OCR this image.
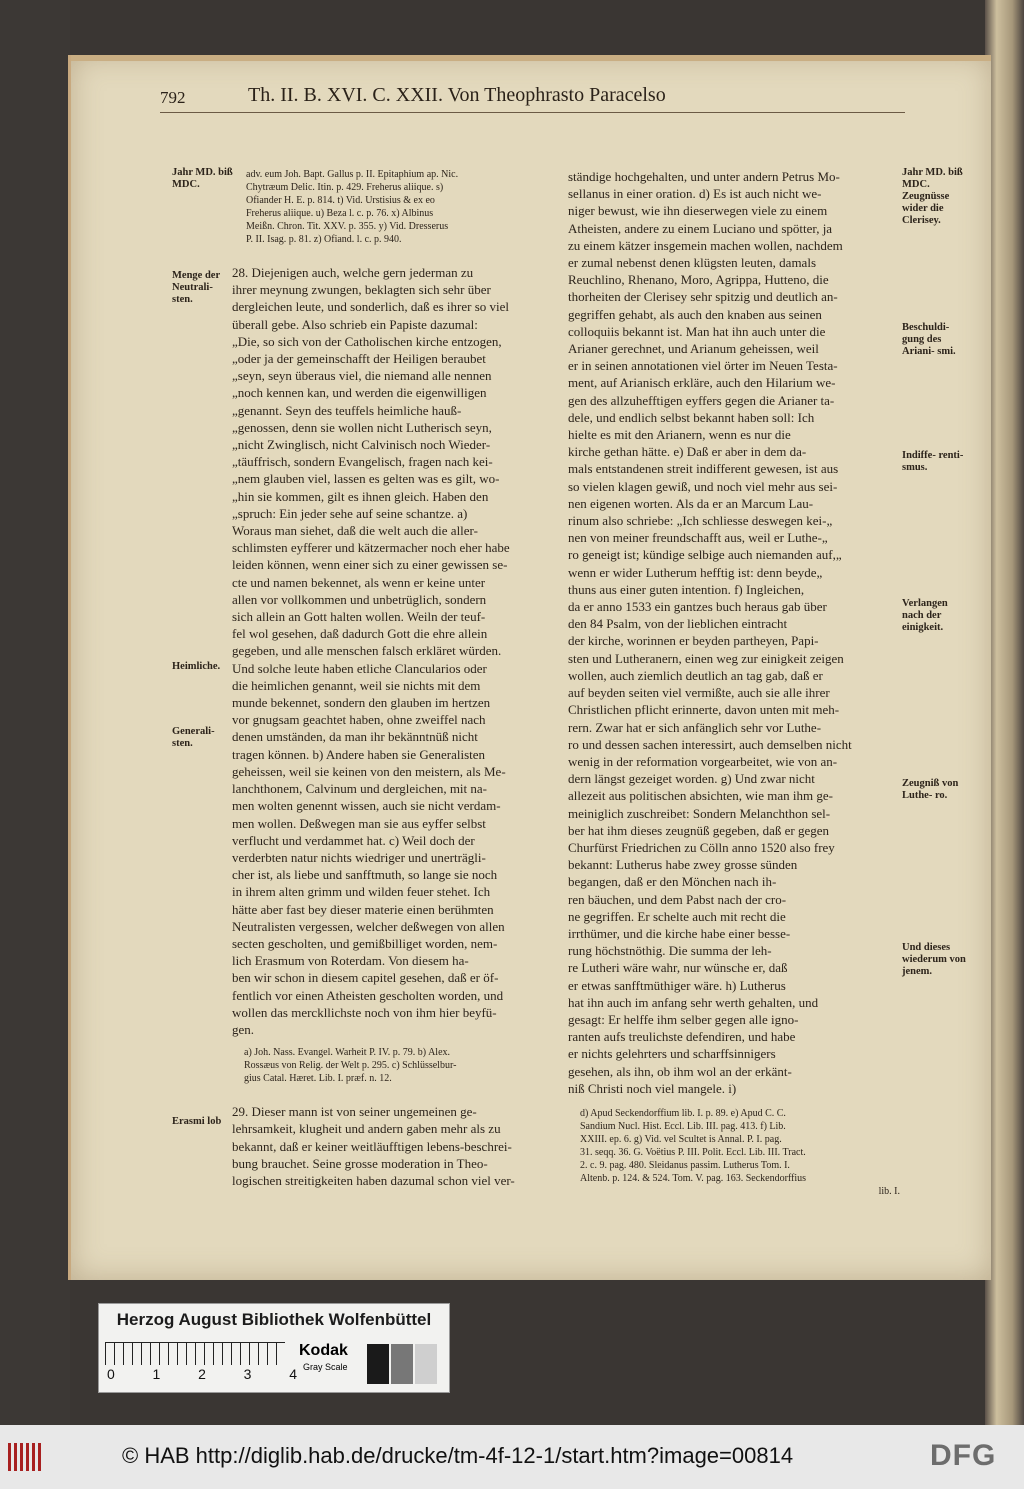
792	Th. II. B. XVI. C. XXII. Von Theophrasto Paracelso
Jahr MD. biß MDC.
Menge der Neutrali- sten.
Heimliche.
Generali- sten.
Erasmi lob
Jahr MD. biß MDC. Zeugnüsse wider die Clerisey.
Beschuldi- gung des Ariani- smi.
Indiffe- renti- smus.
Verlangen nach der einigkeit.
Zeugniß von Luthe- ro.
Und dieses wiederum von jenem.
adv. eum Joh. Bapt. Gallus p. II. Epitaphium ap. Nic.
Chytræum Delic. Itin. p. 429. Freherus aliique. s)
Ofiander H. E. p. 814. t) Vid. Urstisius & ex eo
Freherus aliique. u) Beza l. c. p. 76. x) Albinus
Meißn. Chron. Tit. XXV. p. 355. y) Vid. Dresserus
P. II. Isag. p. 81. z) Ofiand. l. c. p. 940.
28. Diejenigen auch, welche gern jederman zu
ihrer meynung zwungen, beklagten sich sehr über
dergleichen leute, und sonderlich, daß es ihrer so viel
überall gebe. Also schrieb ein Papiste dazumal:
„Die, so sich von der Catholischen kirche entzogen,
„oder ja der gemeinschafft der Heiligen beraubet
„seyn, seyn überaus viel, die niemand alle nennen
„noch kennen kan, und werden die eigenwilligen
„genannt. Seyn des teuffels heimliche hauß-
„genossen, denn sie wollen nicht Lutherisch seyn,
„nicht Zwinglisch, nicht Calvinisch noch Wieder-
„täuffrisch, sondern Evangelisch, fragen nach kei-
„nem glauben viel, lassen es gelten was es gilt, wo-
„hin sie kommen, gilt es ihnen gleich. Haben den
„spruch: Ein jeder sehe auf seine schantze. a)
Woraus man siehet, daß die welt auch die aller-
schlimsten eyfferer und kätzermacher noch eher habe
leiden können, wenn einer sich zu einer gewissen se-
cte und namen bekennet, als wenn er keine unter
allen vor vollkommen und unbetrüglich, sondern
sich allein an Gott halten wollen. Weiln der teuf-
fel wol gesehen, daß dadurch Gott die ehre allein
gegeben, und alle menschen falsch erkläret würden.
Und solche leute haben etliche Clancularios oder
die heimlichen genannt, weil sie nichts mit dem
munde bekennet, sondern den glauben im hertzen
vor gnugsam geachtet haben, ohne zweiffel nach
denen umständen, da man ihr bekänntnüß nicht
tragen können. b) Andere haben sie Generalisten
geheissen, weil sie keinen von den meistern, als Me-
lanchthonem, Calvinum und dergleichen, mit na-
men wolten genennt wissen, auch sie nicht verdam-
men wollen. Deßwegen man sie aus eyffer selbst
verflucht und verdammet hat. c) Weil doch der
verderbten natur nichts wiedriger und unerträgli-
cher ist, als liebe und sanfftmuth, so lange sie noch
in ihrem alten grimm und wilden feuer stehet. Ich
hätte aber fast bey dieser materie einen berühmten
Neutralisten vergessen, welcher deßwegen von allen
secten gescholten, und gemißbilliget worden, nem-
lich Erasmum von Roterdam. Von diesem ha-
ben wir schon in diesem capitel gesehen, daß er öf-
fentlich vor einen Atheisten gescholten worden, und
wollen das merckllichste noch von ihm hier beyfü-
gen.
a) Joh. Nass. Evangel. Warheit P. IV. p. 79. b) Alex.
Rossæus von Relig. der Welt p. 295. c) Schlüsselbur-
gius Catal. Hæret. Lib. I. præf. n. 12.
29. Dieser mann ist von seiner ungemeinen ge-
lehrsamkeit, klugheit und andern gaben mehr als zu
bekannt, daß er keiner weitläufftigen lebens-beschrei-
bung brauchet. Seine grosse moderation in Theo-
logischen streitigkeiten haben dazumal schon viel ver-
ständige hochgehalten, und unter andern Petrus Mo-
sellanus in einer oration. d) Es ist auch nicht we-
niger bewust, wie ihn dieserwegen viele zu einem
Atheisten, andere zu einem Luciano und spötter, ja
zu einem kätzer insgemein machen wollen, nachdem
er zumal nebenst denen klügsten leuten, damals
Reuchlino, Rhenano, Moro, Agrippa, Hutteno, die
thorheiten der Clerisey sehr spitzig und deutlich an-
gegriffen gehabt, als auch den knaben aus seinen
colloquiis bekannt ist. Man hat ihn auch unter die
Arianer gerechnet, und Arianum geheissen, weil
er in seinen annotationen viel örter im Neuen Testa-
ment, auf Arianisch erkläre, auch den Hilarium we-
gen des allzuhefftigen eyffers gegen die Arianer ta-
dele, und endlich selbst bekannt haben soll: Ich
hielte es mit den Arianern, wenn es nur die
kirche gethan hätte. e) Daß er aber in dem da-
mals entstandenen streit indifferent gewesen, ist aus
so vielen klagen gewiß, und noch viel mehr aus sei-
nen eigenen worten. Als da er an Marcum Lau-
rinum also schriebe: „Ich schliesse deswegen kei-„
nen von meiner freundschafft aus, weil er Luthe-„
ro geneigt ist; kündige selbige auch niemanden auf,„
wenn er wider Lutherum hefftig ist: denn beyde„
thuns aus einer guten intention. f) Ingleichen,
da er anno 1533 ein gantzes buch heraus gab über
den 84 Psalm, von der lieblichen eintracht
der kirche, worinnen er beyden partheyen, Papi-
sten und Lutheranern, einen weg zur einigkeit zeigen
wollen, auch ziemlich deutlich an tag gab, daß er
auf beyden seiten viel vermißte, auch sie alle ihrer
Christlichen pflicht erinnerte, davon unten mit meh-
rern. Zwar hat er sich anfänglich sehr vor Luthe-
ro und dessen sachen interessirt, auch demselben nicht
wenig in der reformation vorgearbeitet, wie von an-
dern längst gezeiget worden. g) Und zwar nicht
allezeit aus politischen absichten, wie man ihm ge-
meiniglich zuschreibet: Sondern Melanchthon sel-
ber hat ihm dieses zeugnüß gegeben, daß er gegen
Churfürst Friedrichen zu Cölln anno 1520 also frey
bekannt: Lutherus habe zwey grosse sünden
begangen, daß er den Mönchen nach ih-
ren bäuchen, und dem Pabst nach der cro-
ne gegriffen. Er schelte auch mit recht die
irrthümer, und die kirche habe einer besse-
rung höchstnöthig. Die summa der leh-
re Lutheri wäre wahr, nur wünsche er, daß
er etwas sanfftmüthiger wäre. h) Lutherus
hat ihn auch im anfang sehr werth gehalten, und
gesagt: Er helffe ihm selber gegen alle igno-
ranten aufs treulichste defendiren, und habe
er nichts gelehrters und scharffsinnigers
gesehen, als ihn, ob ihm wol an der erkänt-
niß Christi noch viel mangele. i)
d) Apud Seckendorffium lib. I. p. 89. e) Apud C. C.
Sandium Nucl. Hist. Eccl. Lib. III. pag. 413. f) Lib.
XXIII. ep. 6. g) Vid. vel Scultet is Annal. P. I. pag.
31. seqq. 36. G. Voëtius P. III. Polit. Eccl. Lib. III. Tract.
2. c. 9. pag. 480. Sleidanus passim. Lutherus Tom. I.
Altenb. p. 124. & 524. Tom. V. pag. 163. Seckendorffius
lib. I.
Herzog August Bibliothek Wolfenbüttel
0	1	2	3	4
Kodak
Gray Scale
© HAB http://diglib.hab.de/drucke/tm-4f-12-1/start.htm?image=00814	DFG
